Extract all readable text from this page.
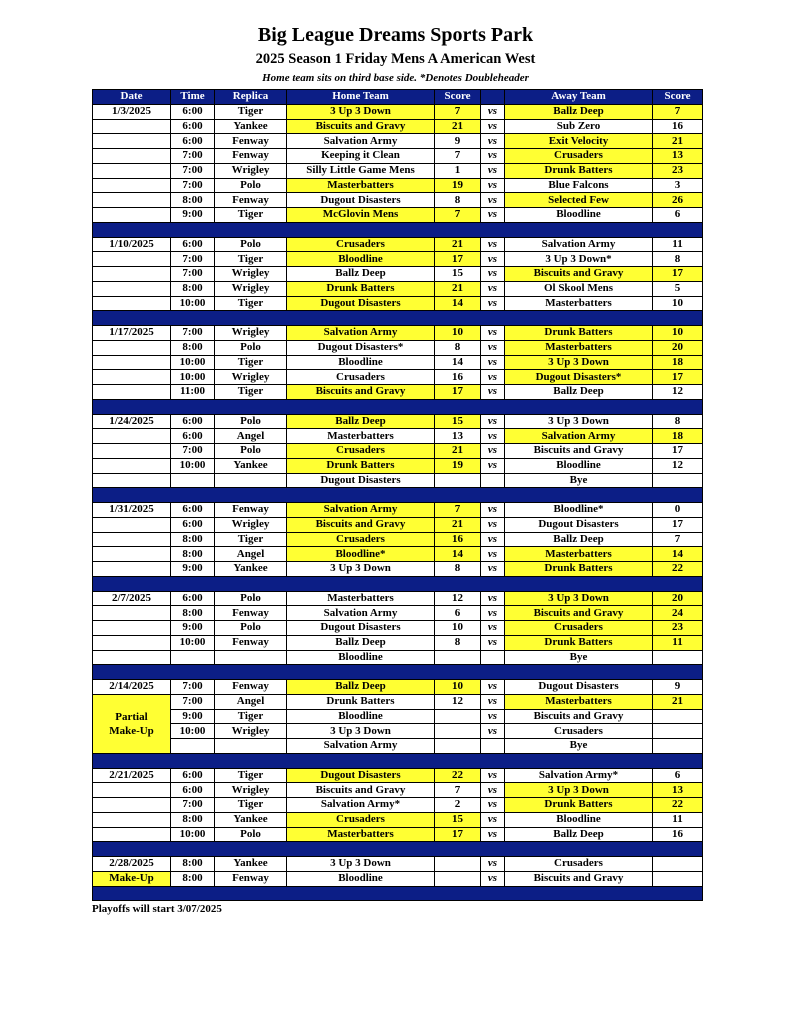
Big League Dreams Sports Park
2025 Season 1 Friday Mens A American West
Home team sits on third base side. *Denotes Doubleheader
Date	Time	Replica	Home Team	Score		Away Team	Score
1/3/2025	6:00	Tiger	3 Up 3 Down	7	vs	Ballz Deep	7
	6:00	Yankee	Biscuits and Gravy	21	vs	Sub Zero	16
	6:00	Fenway	Salvation Army	9	vs	Exit Velocity	21
	7:00	Fenway	Keeping it Clean	7	vs	Crusaders	13
	7:00	Wrigley	Silly Little Game Mens	1	vs	Drunk Batters	23
	7:00	Polo	Masterbatters	19	vs	Blue Falcons	3
	8:00	Fenway	Dugout Disasters	8	vs	Selected Few	26
	9:00	Tiger	McGlovin Mens	7	vs	Bloodline	6

1/10/2025	6:00	Polo	Crusaders	21	vs	Salvation Army	11
	7:00	Tiger	Bloodline	17	vs	3 Up 3 Down*	8
	7:00	Wrigley	Ballz Deep	15	vs	Biscuits and Gravy	17
	8:00	Wrigley	Drunk Batters	21	vs	Ol Skool Mens	5
	10:00	Tiger	Dugout Disasters	14	vs	Masterbatters	10

1/17/2025	7:00	Wrigley	Salvation Army	10	vs	Drunk Batters	10
	8:00	Polo	Dugout Disasters*	8	vs	Masterbatters	20
	10:00	Tiger	Bloodline	14	vs	3 Up 3 Down	18
	10:00	Wrigley	Crusaders	16	vs	Dugout Disasters*	17
	11:00	Tiger	Biscuits and Gravy	17	vs	Ballz Deep	12

1/24/2025	6:00	Polo	Ballz Deep	15	vs	3 Up 3 Down	8
	6:00	Angel	Masterbatters	13	vs	Salvation Army	18
	7:00	Polo	Crusaders	21	vs	Biscuits and Gravy	17
	10:00	Yankee	Drunk Batters	19	vs	Bloodline	12
			Dugout Disasters			Bye	

1/31/2025	6:00	Fenway	Salvation Army	7	vs	Bloodline*	0
	6:00	Wrigley	Biscuits and Gravy	21	vs	Dugout Disasters	17
	8:00	Tiger	Crusaders	16	vs	Ballz Deep	7
	8:00	Angel	Bloodline*	14	vs	Masterbatters	14
	9:00	Yankee	3 Up 3 Down	8	vs	Drunk Batters	22

2/7/2025	6:00	Polo	Masterbatters	12	vs	3 Up 3 Down	20
	8:00	Fenway	Salvation Army	6	vs	Biscuits and Gravy	24
	9:00	Polo	Dugout Disasters	10	vs	Crusaders	23
	10:00	Fenway	Ballz Deep	8	vs	Drunk Batters	11
			Bloodline			Bye	

2/14/2025	7:00	Fenway	Ballz Deep	10	vs	Dugout Disasters	9

Partial
Make-Up	7:00	Angel	Drunk Batters	12	vs	Masterbatters	21
	9:00	Tiger	Bloodline		vs	Biscuits and Gravy	
	10:00	Wrigley	3 Up 3 Down		vs	Crusaders	
			Salvation Army			Bye	

2/21/2025	6:00	Tiger	Dugout Disasters	22	vs	Salvation Army*	6
	6:00	Wrigley	Biscuits and Gravy	7	vs	3 Up 3 Down	13
	7:00	Tiger	Salvation Army*	2	vs	Drunk Batters	22
	8:00	Yankee	Crusaders	15	vs	Bloodline	11
	10:00	Polo	Masterbatters	17	vs	Ballz Deep	16

2/28/2025	8:00	Yankee	3 Up 3 Down		vs	Crusaders	
Make-Up	8:00	Fenway	Bloodline		vs	Biscuits and Gravy	

Playoffs will start 3/07/2025
